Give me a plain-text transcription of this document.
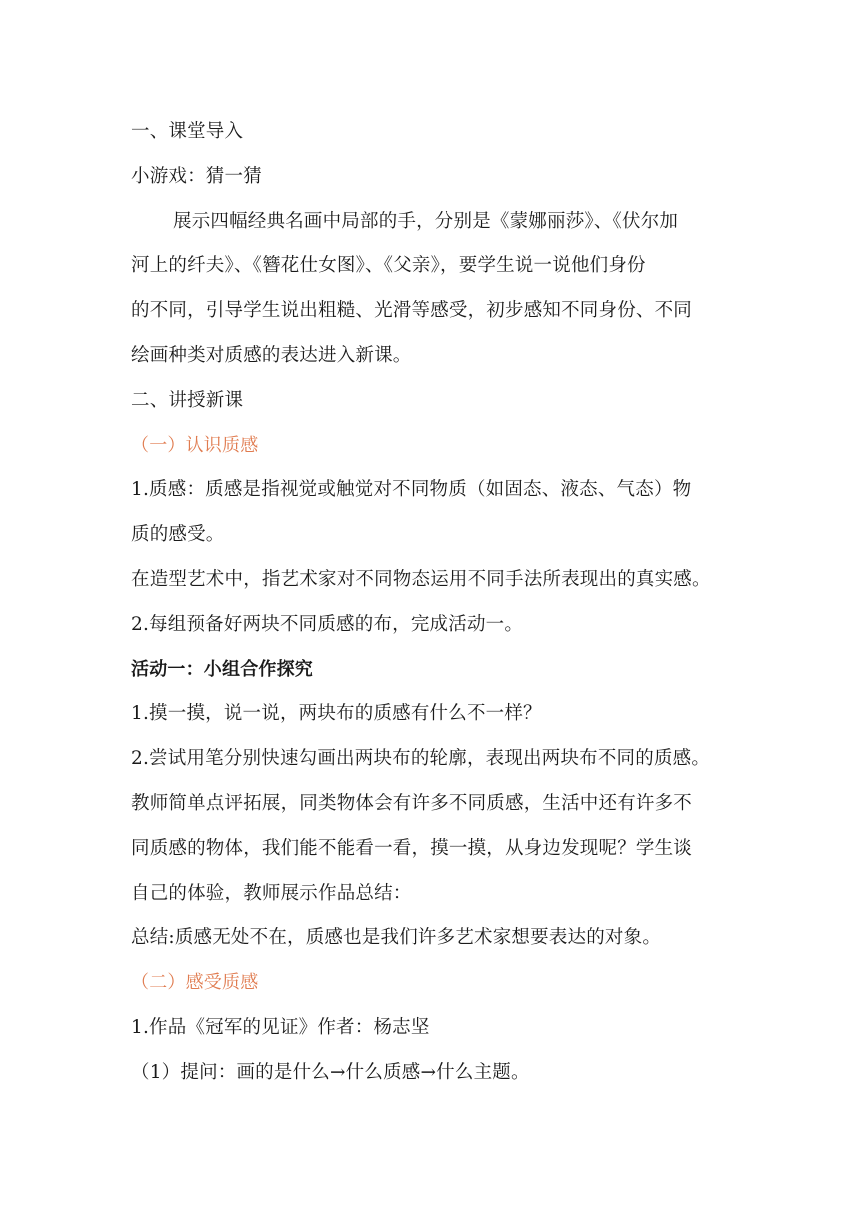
一、课堂导入
小游戏：猜一猜
展示四幅经典名画中局部的手，分别是《蒙娜丽莎》、《伏尔加
河上的纤夫》、《簪花仕女图》、《父亲》，要学生说一说他们身份
的不同，引导学生说出粗糙、光滑等感受，初步感知不同身份、不同
绘画种类对质感的表达进入新课。
二、讲授新课
（一）认识质感
1.质感：质感是指视觉或触觉对不同物质（如固态、液态、气态）物
质的感受。
在造型艺术中，指艺术家对不同物态运用不同手法所表现出的真实感。
2.每组预备好两块不同质感的布，完成活动一。
活动一：小组合作探究
1.摸一摸，说一说，两块布的质感有什么不一样？
2.尝试用笔分别快速勾画出两块布的轮廓，表现出两块布不同的质感。
教师简单点评拓展，同类物体会有许多不同质感，生活中还有许多不
同质感的物体，我们能不能看一看，摸一摸，从身边发现呢？学生谈
自己的体验，教师展示作品总结：
总结:质感无处不在，质感也是我们许多艺术家想要表达的对象。
（二）感受质感
1.作品《冠军的见证》作者：杨志坚
（1）提问：画的是什么→什么质感→什么主题。
